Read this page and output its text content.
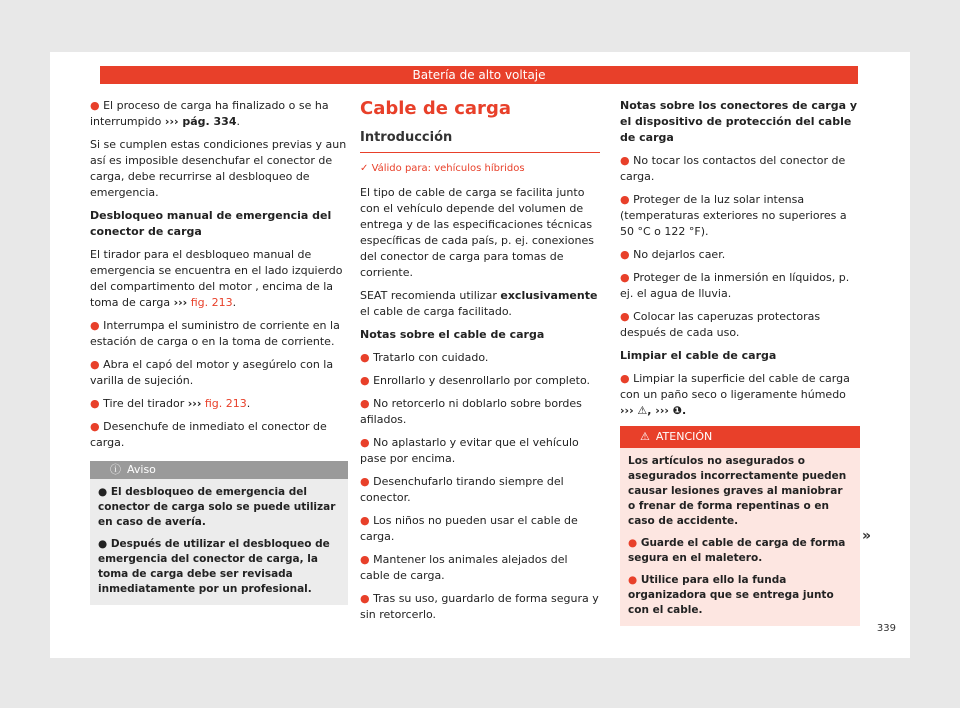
Batería de alto voltaje

● El proceso de carga ha finalizado o se ha interrumpido ››› pág. 334.

Si se cumplen estas condiciones previas y aun así es imposible desenchufar el conector de carga, debe recurrirse al desbloqueo de emergencia.

Desbloqueo manual de emergencia del conector de carga

El tirador para el desbloqueo manual de emergencia se encuentra en el lado izquierdo del compartimento del motor , encima de la toma de carga ››› fig. 213.

● Interrumpa el suministro de corriente en la estación de carga o en la toma de corriente.

● Abra el capó del motor y asegúrelo con la varilla de sujeción.

● Tire del tirador ››› fig. 213.

● Desenchufe de inmediato el conector de carga.

ⓘ Aviso

● El desbloqueo de emergencia del conector de carga solo se puede utilizar en caso de avería.

● Después de utilizar el desbloqueo de emergencia del conector de carga, la toma de carga debe ser revisada inmediatamente por un profesional.

Cable de carga
Introducción
✓ Válido para: vehículos híbridos

El tipo de cable de carga se facilita junto con el vehículo depende del volumen de entrega y de las especificaciones técnicas específicas de cada país, p. ej. conexiones del conector de carga para tomas de corriente.

SEAT recomienda utilizar exclusivamente el cable de carga facilitado.

Notas sobre el cable de carga

● Tratarlo con cuidado.

● Enrollarlo y desenrollarlo por completo.

● No retorcerlo ni doblarlo sobre bordes afilados.

● No aplastarlo y evitar que el vehículo pase por encima.

● Desenchufarlo tirando siempre del conector.

● Los niños no pueden usar el cable de carga.

● Mantener los animales alejados del cable de carga.

● Tras su uso, guardarlo de forma segura y sin retorcerlo.

Notas sobre los conectores de carga y el dispositivo de protección del cable de carga

● No tocar los contactos del conector de carga.

● Proteger de la luz solar intensa (temperaturas exteriores no superiores a 50 °C o 122 °F).

● No dejarlos caer.

● Proteger de la inmersión en líquidos, p. ej. el agua de lluvia.

● Colocar las caperuzas protectoras después de cada uso.

Limpiar el cable de carga

● Limpiar la superficie del cable de carga con un paño seco o ligeramente húmedo
››› ⚠, ››› ❶.

⚠ ATENCIÓN

Los artículos no asegurados o asegurados incorrectamente pueden causar lesiones graves al maniobrar o frenar de forma repentinas o en caso de accidente.

● Guarde el cable de carga de forma segura en el maletero.

● Utilice para ello la funda organizadora que se entrega junto con el cable.

»
339
